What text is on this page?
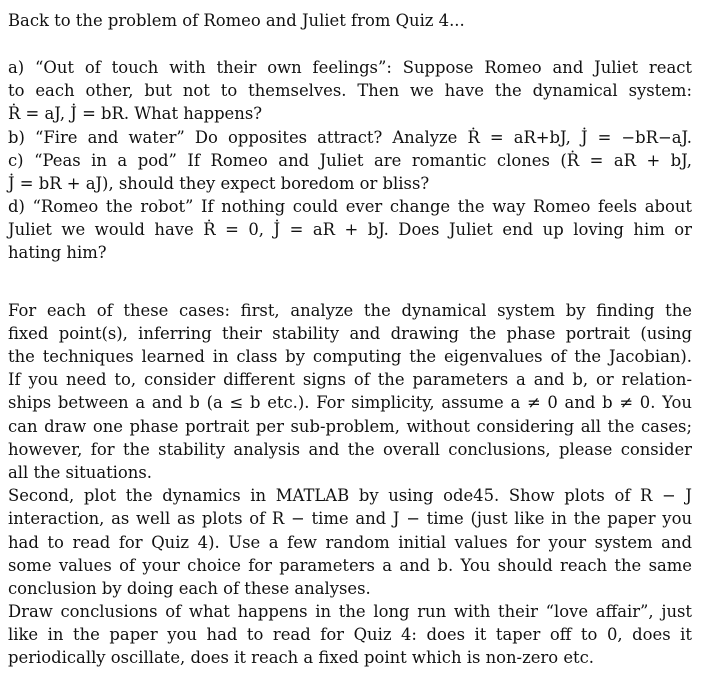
Back to the problem of Romeo and Juliet from Quiz 4...
a) “Out of touch with their own feelings”: Suppose Romeo and Juliet react
to each other, but not to themselves. Then we have the dynamical system:
Ṙ = aJ, J̇ = bR. What happens?
b) “Fire and water” Do opposites attract? Analyze Ṙ = aR+bJ, J̇ = −bR−aJ.
c) “Peas in a pod” If Romeo and Juliet are romantic clones (Ṙ = aR + bJ,
J̇ = bR + aJ), should they expect boredom or bliss?
d) “Romeo the robot” If nothing could ever change the way Romeo feels about
Juliet we would have Ṙ = 0, J̇ = aR + bJ. Does Juliet end up loving him or
hating him?
For each of these cases: first, analyze the dynamical system by finding the
fixed point(s), inferring their stability and drawing the phase portrait (using
the techniques learned in class by computing the eigenvalues of the Jacobian).
If you need to, consider different signs of the parameters a and b, or relation-
ships between a and b (a ≤ b etc.). For simplicity, assume a ≠ 0 and b ≠ 0. You
can draw one phase portrait per sub-problem, without considering all the cases;
however, for the stability analysis and the overall conclusions, please consider
all the situations.
Second, plot the dynamics in MATLAB by using ode45. Show plots of R − J
interaction, as well as plots of R − time and J − time (just like in the paper you
had to read for Quiz 4). Use a few random initial values for your system and
some values of your choice for parameters a and b. You should reach the same
conclusion by doing each of these analyses.
Draw conclusions of what happens in the long run with their “love affair”, just
like in the paper you had to read for Quiz 4: does it taper off to 0, does it
periodically oscillate, does it reach a fixed point which is non-zero etc.
